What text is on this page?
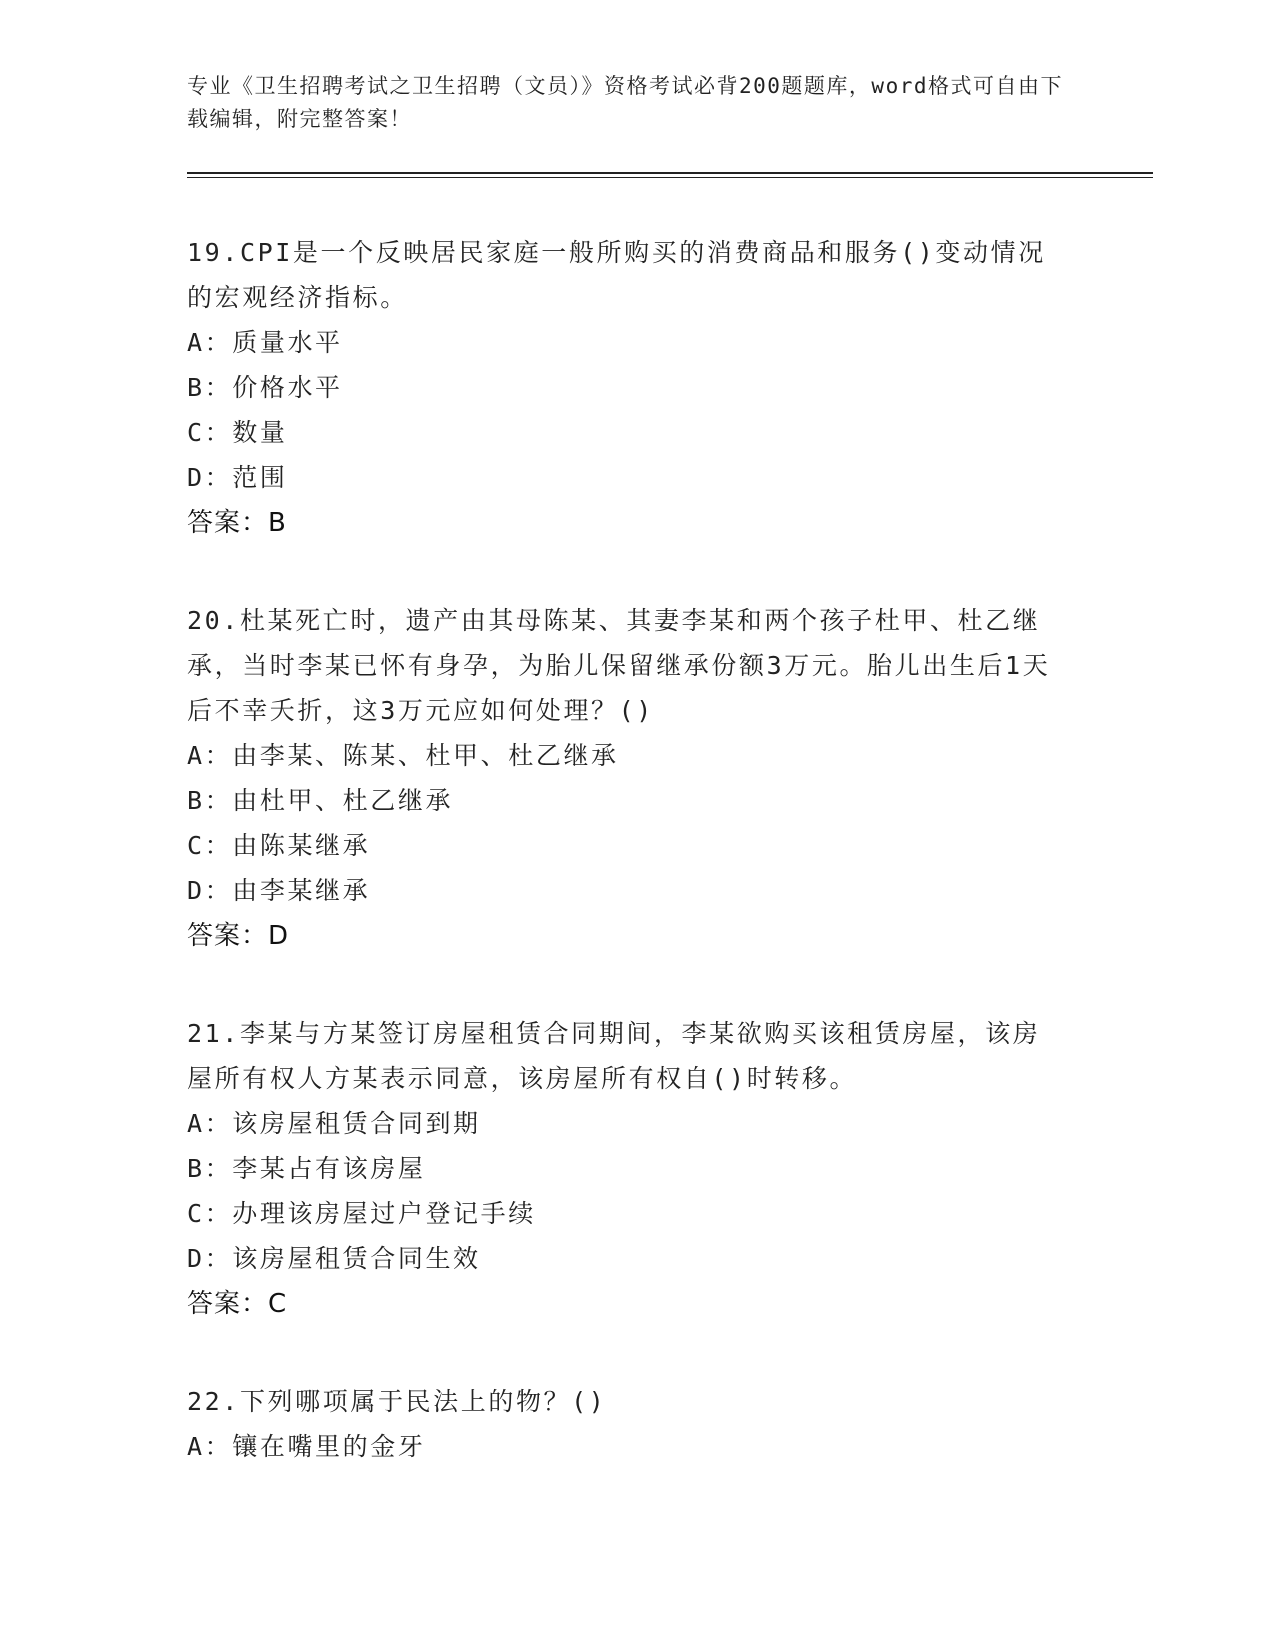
专业《卫生招聘考试之卫生招聘（文员）》资格考试必背200题题库，word格式可自由下载编辑，附完整答案！
19.CPI是一个反映居民家庭一般所购买的消费商品和服务()变动情况的宏观经济指标。
A：质量水平
B：价格水平
C：数量
D：范围
答案：B
20.杜某死亡时，遗产由其母陈某、其妻李某和两个孩子杜甲、杜乙继承，当时李某已怀有身孕，为胎儿保留继承份额3万元。胎儿出生后1天后不幸夭折，这3万元应如何处理？()
A：由李某、陈某、杜甲、杜乙继承
B：由杜甲、杜乙继承
C：由陈某继承
D：由李某继承
答案：D
21.李某与方某签订房屋租赁合同期间，李某欲购买该租赁房屋，该房屋所有权人方某表示同意，该房屋所有权自()时转移。
A：该房屋租赁合同到期
B：李某占有该房屋
C：办理该房屋过户登记手续
D：该房屋租赁合同生效
答案：C
22.下列哪项属于民法上的物？()
A：镶在嘴里的金牙
